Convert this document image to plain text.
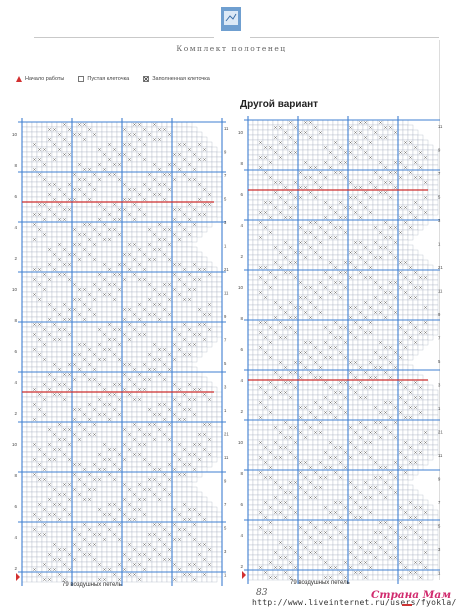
Комплект полотенец
Начало работы	Пустая клеточка	Заполненная клеточка
Другой вариант
10
8
6
4
2
10
8
6
4
2
10
8
6
4
2
11
9
7
5
3
1
21
11
9
7
5
3
1
21
11
9
7
5
3
1
79 воздушных петель
10
8
6
4
2
10
8
6
4
2
10
8
6
4
2
11
9
7
5
3
1
21
11
9
7
5
3
1
21
11
9
7
5
3
1
79 воздушных петель
83
http://www.liveinternet.ru/users/fyokla/
Страна Мам
